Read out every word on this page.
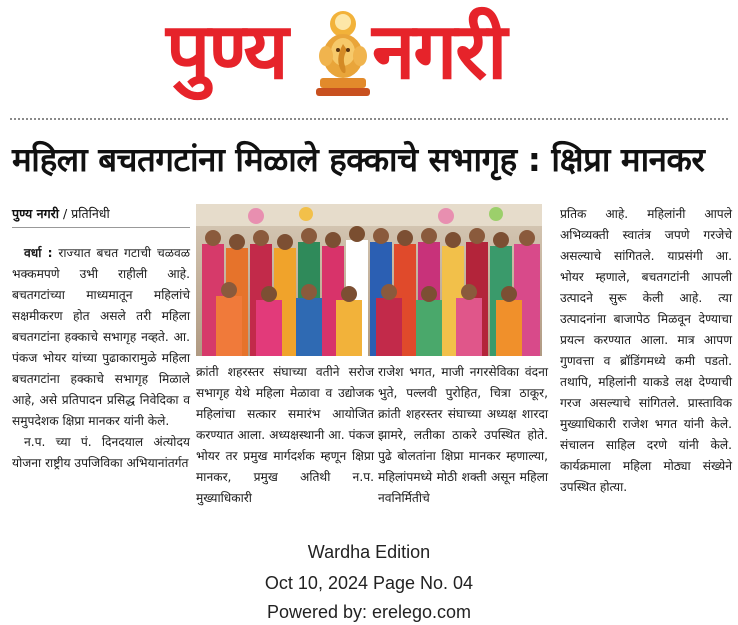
पुण्य नगरी
महिला बचतगटांना मिळाले हक्काचे सभागृह : क्षिप्रा मानकर
पुण्य नगरी / प्रतिनिधी

वर्धा : राज्यात बचत गटाची चळवळ भक्कमपणे उभी राहीली आहे. बचतगटांच्या माध्यमातून महिलांचे सक्षमीकरण होत असले तरी महिला बचतगटांना हक्काचे सभागृह नव्हते. आ. पंकज भोयर यांच्या पुढाकारामुळे महिला बचतगटांना हक्काचे सभागृह मिळाले आहे, असे प्रतिपादन प्रसिद्ध निवेदिका व समुपदेशक क्षिप्रा मानकर यांनी केले.

न.प. च्या पं. दिनदयाल अंत्योदय योजना राष्ट्रीय उपजिविका अभियानांतर्गत

क्रांती शहरस्तर संघाच्या वतीने सरोज सभागृह येथे महिला मेळावा व उद्योजक महिलांचा सत्कार समारंभ आयोजित करण्यात आला. अध्यक्षस्थानी आ. पंकज भोयर तर प्रमुख मार्गदर्शक म्हणून क्षिप्रा मानकर, प्रमुख अतिथी न.प. मुख्याधिकारी

राजेश भगत, माजी नगरसेविका वंदना भुते, पल्लवी पुरोहित, चित्रा ठाकूर, क्रांती शहरस्तर संघाच्या अध्यक्ष शारदा झामरे, लतीका ठाकरे उपस्थित होते. पुढे बोलतांना क्षिप्रा मानकर म्हणाल्या, महिलांपमध्ये मोठी शक्ती असून महिला नवनिर्मितीचे

प्रतिक आहे. महिलांनी आपले अभिव्यक्ती स्वातंत्र जपणे गरजेचे असल्याचे सांगितले. याप्रसंगी आ. भोयर म्हणाले, बचतगटांनी आपली उत्पादने सुरू केली आहे. त्या उत्पादनांना बाजापेठ मिळवून देण्याचा प्रयत्न करण्यात आला. मात्र आपण गुणवत्ता व ब्रॉडिंगमध्ये कमी पडतो. तथापि, महिलांनी याकडे लक्ष देण्याची गरज असल्याचे सांगितले. प्रास्ताविक मुख्याधिकारी राजेश भगत यांनी केले. संचालन साहिल दरणे यांनी केले. कार्यक्रमाला महिला मोठ्या संख्येने उपस्थित होत्या.

Wardha Edition
Oct 10, 2024 Page No. 04
Powered by: erelego.com
